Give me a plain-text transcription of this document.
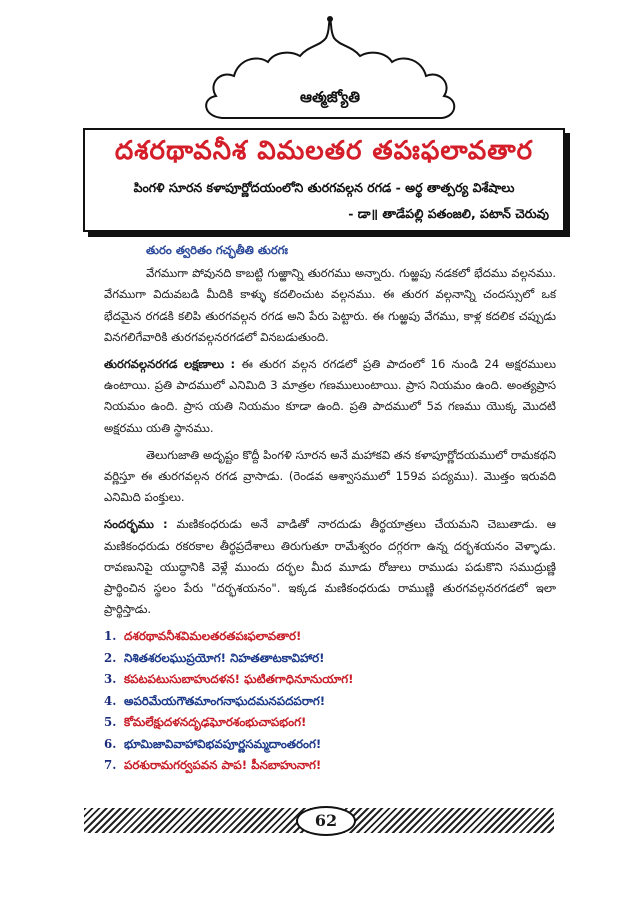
ఆత్మజ్యోతి
దశరథావనీశ విమలతర తపఃఫలావతార
పింగళి సూరన కళాపూర్ణోదయంలోని తురగవల్గన రగడ - అర్థ తాత్పర్య విశేషాలు
- డా॥ తాడేపల్లి పతంజలి, పటాన్ చెరువు

తురం త్వరితం గచ్ఛతీతి తురగః

వేగముగా పోవునది కాబట్టి గుఱ్ఱాన్ని తురగము అన్నారు. గుఱ్ఱపు నడకలో భేదము వల్గనము. వేగముగా విదువబడి మీదికి కాళ్ళు కదలించుట వల్గనము. ఈ తురగ వల్గనాన్ని చందస్సులో ఒక భేదమైన రగడకి కలిపి తురగవల్గన రగడ అని పేరు పెట్టారు. ఈ గుఱ్ఱపు వేగము, కాళ్ల కదలిక చప్పుడు వినగలిగేవారికి తురగవల్గనరగడలో వినబడుతుంది.

తురగవల్గనరగడ లక్షణాలు : ఈ తురగ వల్గన రగడలో ప్రతి పాదంలో 16 నుండి 24 అక్షరములు ఉంటాయి. ప్రతి పాదములో ఎనిమిది 3 మాత్రల గణములుంటాయి. ప్రాస నియమం ఉంది. అంత్యప్రాస నియమం ఉంది. ప్రాస యతి నియమం కూడా ఉంది. ప్రతి పాదములో 5వ గణము యొక్క మొదటి అక్షరము యతి స్థానము.

తెలుగుజాతి అదృష్టం కొద్దీ పింగళి సూరన అనే మహాకవి తన కళాపూర్ణోదయములో రామకథని వర్ణిస్తూ ఈ తురగవల్గన రగడ వ్రాసాడు. (రెండవ ఆశ్వాసములో 159వ పద్యము). మొత్తం ఇరువది ఎనిమిది పంక్తులు.

సందర్భము : మణికంధరుడు అనే వాడితో నారదుడు తీర్థయాత్రలు చేయమని చెబుతాడు. ఆ మణికంధరుడు రకరకాల తీర్థప్రదేశాలు తిరుగుతూ రామేశ్వరం దగ్గరగా ఉన్న దర్భశయనం వెళ్ళాడు. రావణునిపై యుద్ధానికి వెళ్లే ముందు దర్భల మీద మూడు రోజులు రాముడు పడుకొని సముద్రుణ్ణి ప్రార్థించిన స్థలం పేరు "దర్భశయనం". ఇక్కడ మణికంధరుడు రాముణ్ణి తురగవల్గనరగడలో ఇలా ప్రార్థిస్తాడు.

1. దశరథావనీశవిమలతరతపఃఫలావతార!
2. నిశితశరలఘుప్రయోగ! నిహతతాటకావిహార!
3. కపటపటుసుబాహుదళన! ఘటితగాధినూనుయాగ!
4. అపరిమేయగౌతమాంగనాఘదమనపదపరాగ!
5. కోమలేక్షుదళనదృఢఘోరశంభుచాపభంగ!
6. భూమిజావివాహావిభవపూర్ణసమ్మదాంతరంగ!
7. పరశురామగర్వపవన పాప! పీనబాహునాగ!
62
